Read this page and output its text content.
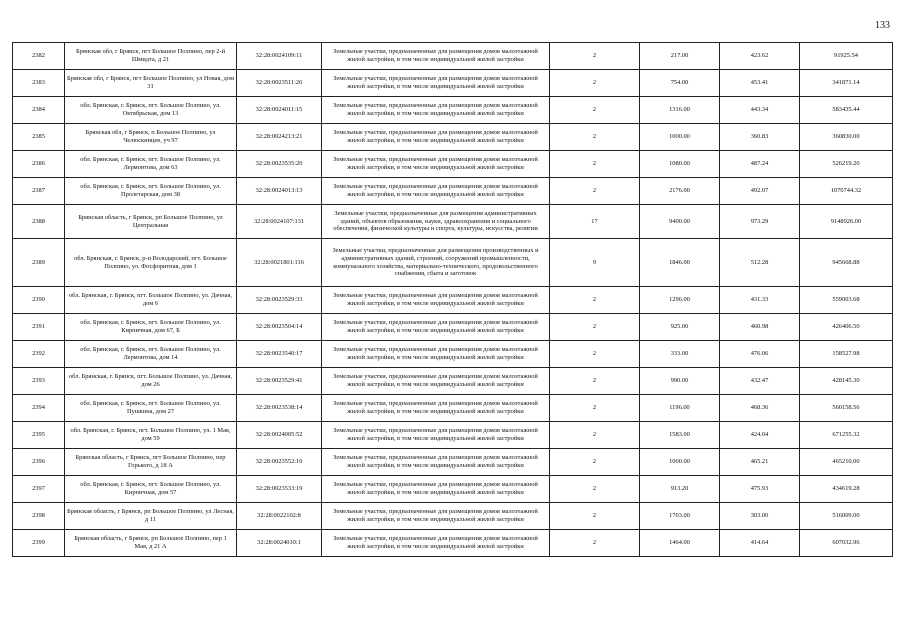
133
2382	Брянская обл, г Брянск, пгт Большое Полпино, пер 2-й Шмидта, д 21	32:28:0024109:11	Земельные участки, предназначенные для размещения домов малоэтажной жилой застройки, в том числе индивидуальной жилой застройки	2	217.00	423.62	91925.54
2383	Брянская обл, г Брянск, пгт Большое Полпино, ул Новая, дом 31	32:28:0023511:26	Земельные участки, предназначенные для размещения домов малоэтажной жилой застройки, в том числе индивидуальной жилой застройки	2	754.00	453.41	341871.14
2384	обл. Брянская, г. Брянск, пгт. Большое Полпино, ул. Октябрьская, дом 13	32:28:0024011:15	Земельные участки, предназначенные для размещения домов малоэтажной жилой застройки, в том числе индивидуальной жилой застройки	2	1316.00	443.34	583435.44
2385	Брянская обл, г Брянск, п Большое Полпино, ул Челюскинцев, уч 97	32:28:0024213:21	Земельные участки, предназначенные для размещения домов малоэтажной жилой застройки, в том числе индивидуальной жилой застройки	2	1000.00	360.83	360830.00
2386	обл. Брянская, г. Брянск, пгт. Большое Полпино, ул. Лермонтова, дом 63	32:28:0023535:20	Земельные участки, предназначенные для размещения домов малоэтажной жилой застройки, в том числе индивидуальной жилой застройки	2	1080.00	487.24	526219.20
2387	обл. Брянская, г. Брянск, пгт. Большое Полпино, ул. Пролетарская, дом 38	32:28:0024013:13	Земельные участки, предназначенные для размещения домов малоэтажной жилой застройки, в том числе индивидуальной жилой застройки	2	2176.00	492.07	1070744.32
2388	Брянская область, г Брянск, рп Большое Полпино, ул Центральная	32:28:0024107:131	Земельные участки, предназначенные для размещения административных зданий, объектов образования, науки, здравоохранения и социального обеспечения, физической культуры и спорта, культуры, искусства, религии	17	9400.00	973.29	9148926.00
2389	обл. Брянская, г. Брянск, р-н Володарский, пгт. Большое Полпино, ул. Фосфоритная, дом 1	32:28:0021801:116	Земельные участки, предназначенные для размещения производственных и административных зданий, строений, сооружений промышленности, коммунального хозяйства, материально-технического, продовольственного снабжения, сбыта и заготовок	9	1846.00	512.28	945668.88
2390	обл. Брянская, г. Брянск, пгт. Большое Полпино, ул. Дачная, дом 6	32:28:0023529:33	Земельные участки, предназначенные для размещения домов малоэтажной жилой застройки, в том числе индивидуальной жилой застройки	2	1296.00	431.33	559003.68
2391	обл. Брянская, г. Брянск, пгт. Большое Полпино, ул. Кирпичная, дом 67, Б	32:28:0023504:14	Земельные участки, предназначенные для размещения домов малоэтажной жилой застройки, в том числе индивидуальной жилой застройки	2	925.00	460.98	426406.50
2392	обл. Брянская, г. Брянск, пгт. Большое Полпино, ул. Лермонтова, дом 14	32:28:0023540:17	Земельные участки, предназначенные для размещения домов малоэтажной жилой застройки, в том числе индивидуальной жилой застройки	2	333.00	476.06	158527.98
2393	обл. Брянская, г. Брянск, пгт. Большое Полпино, ул. Дачная, дом 26	32:28:0023529:41	Земельные участки, предназначенные для размещения домов малоэтажной жилой застройки, в том числе индивидуальной жилой застройки	2	990.00	432.47	428145.30
2394	обл. Брянская, г. Брянск, пгт. Большое Полпино, ул. Пушкина, дом 27	32:28:0023538:14	Земельные участки, предназначенные для размещения домов малоэтажной жилой застройки, в том числе индивидуальной жилой застройки	2	1196.00	468.36	560158.56
2395	обл. Брянская, г. Брянск, пгт. Большое Полпино, ул. 1 Мая, дом 59	32:28:0024005:52	Земельные участки, предназначенные для размещения домов малоэтажной жилой застройки, в том числе индивидуальной жилой застройки	2	1583.00	424.04	671255.32
2396	Брянская область, г Брянск, пгт Большое Полпино, пер Горького, д 18 А	32:28:0023552:10	Земельные участки, предназначенные для размещения домов малоэтажной жилой застройки, в том числе индивидуальной жилой застройки	2	1000.00	465.21	465210.00
2397	обл. Брянская, г. Брянск, пгт. Большое Полпино, ул. Кирпичная, дом 57	32:28:0023533:19	Земельные участки, предназначенные для размещения домов малоэтажной жилой застройки, в том числе индивидуальной жилой застройки	2	913.20	475.93	434619.28
2398	Брянская область, г Брянск, рп Большое Полпино, ул Лесная, д 11	32:28:0022102:8	Земельные участки, предназначенные для размещения домов малоэтажной жилой застройки, в том числе индивидуальной жилой застройки	2	1703.00	303.00	516009.00
2399	Брянская область, г Брянск, рп Большое Полпино, пер 1 Мая, д 21 А	32:28:0024010:1	Земельные участки, предназначенные для размещения домов малоэтажной жилой застройки, в том числе индивидуальной жилой застройки	2	1464.00	414.64	607032.96
